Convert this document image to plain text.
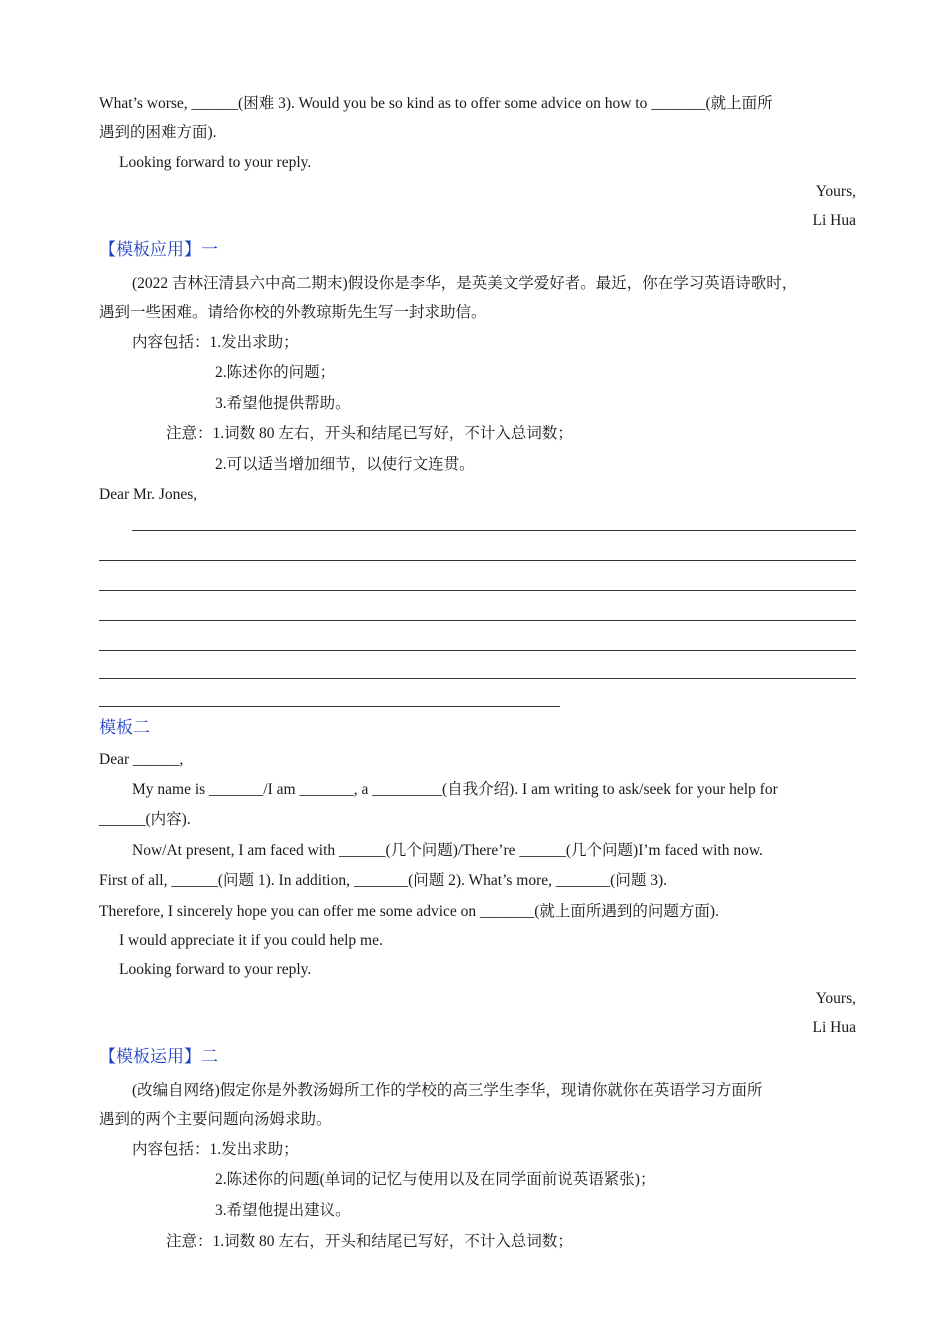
What’s worse, ______(困难 3). Would you be so kind as to offer some advice on how to _______(就上面所
遇到的困难方面).
Looking forward to your reply.
Yours,
Li Hua
【模板应用】一
(2022 吉林汪清县六中高二期末)假设你是李华，是英美文学爱好者。最近，你在学习英语诗歌时，
遇到一些困难。请给你校的外教琼斯先生写一封求助信。
内容包括：1.发出求助；
2.陈述你的问题；
3.希望他提供帮助。
注意：1.词数 80 左右，开头和结尾已写好，不计入总词数；
2.可以适当增加细节，以使行文连贯。
Dear Mr. Jones,
模板二
Dear ______,
My name is _______/I am _______, a _________(自我介绍). I am writing to ask/seek for your help for
______(内容).
Now/At present, I am faced with ______(几个问题)/There’re ______(几个问题)I’m faced with now.
First of all, ______(问题 1). In addition, _______(问题 2). What’s more, _______(问题 3).
Therefore, I sincerely hope you can offer me some advice on _______(就上面所遇到的问题方面).
I would appreciate it if you could help me.
Looking forward to your reply.
Yours,
Li Hua
【模板运用】二
(改编自网络)假定你是外教汤姆所工作的学校的高三学生李华，现请你就你在英语学习方面所
遇到的两个主要问题向汤姆求助。
内容包括：1.发出求助；
2.陈述你的问题(单词的记忆与使用以及在同学面前说英语紧张)；
3.希望他提出建议。
注意：1.词数 80 左右，开头和结尾已写好，不计入总词数；
